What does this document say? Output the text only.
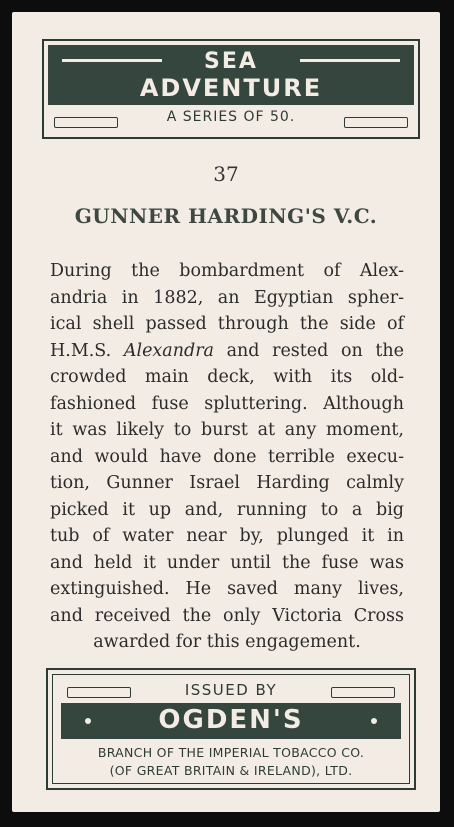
SEA
ADVENTURE
A SERIES OF 50.
37
GUNNER HARDING'S V.C.
During the bombardment of Alex-
andria in 1882, an Egyptian spher-
ical shell passed through the side of
H.M.S. Alexandra and rested on the
crowded main deck, with its old-
fashioned fuse spluttering. Although
it was likely to burst at any moment,
and would have done terrible execu-
tion, Gunner Israel Harding calmly
picked it up and, running to a big
tub of water near by, plunged it in
and held it under until the fuse was
extinguished. He saved many lives,
and received the only Victoria Cross
awarded for this engagement.
ISSUED BY
OGDEN'S
BRANCH OF THE IMPERIAL TOBACCO CO.
(OF GREAT BRITAIN & IRELAND), LTD.
